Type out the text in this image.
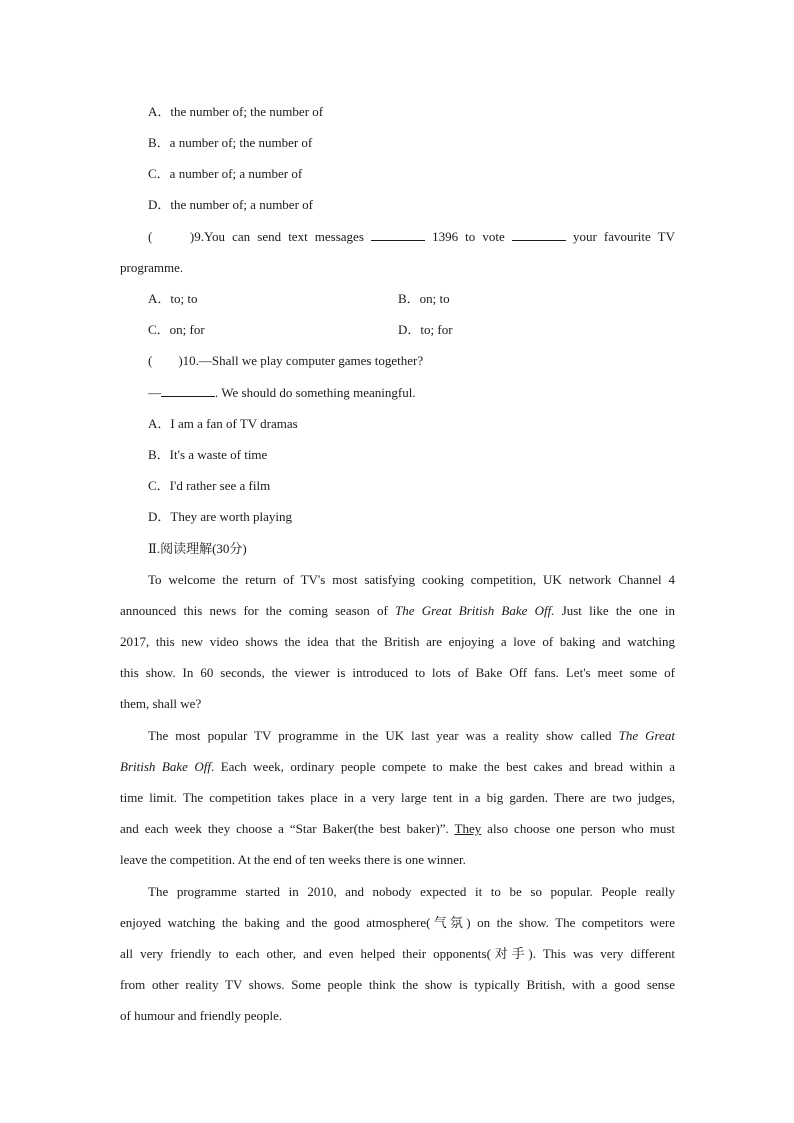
A．the number of; the number of
B．a number of; the number of
C．a number of; a number of
D．the number of; a number of
(　　)9.You can send text messages	1396 to vote	your favourite TV
programme.
A．to; to	B．on; to
C．on; for	D．to; for
(　　)10.—Shall we play computer games together?
—	. We should do something meaningful.
A．I am a fan of TV dramas
B．It's a waste of time
C．I'd rather see a film
D．They are worth playing
Ⅱ.阅读理解(30分)
To welcome the return of TV's most satisfying cooking competition, UK network Channel 4
announced this news for the coming season of The Great British Bake Off. Just like the one in
2017, this new video shows the idea that the British are enjoying a love of baking and watching
this show. In 60 seconds, the viewer is introduced to lots of Bake Off fans. Let's meet some of
them, shall we?
The most popular TV programme in the UK last year was a reality show called The Great
British Bake Off. Each week, ordinary people compete to make the best cakes and bread within a
time limit. The competition takes place in a very large tent in a big garden. There are two judges,
and each week they choose a “Star Baker(the best baker)”. They also choose one person who must
leave the competition. At the end of ten weeks there is one winner.
The programme started in 2010, and nobody expected it to be so popular. People really
enjoyed watching the baking and the good atmosphere(气氛) on the show. The competitors were
all very friendly to each other, and even helped their opponents(对手). This was very different
from other reality TV shows. Some people think the show is typically British, with a good sense
of humour and friendly people.
